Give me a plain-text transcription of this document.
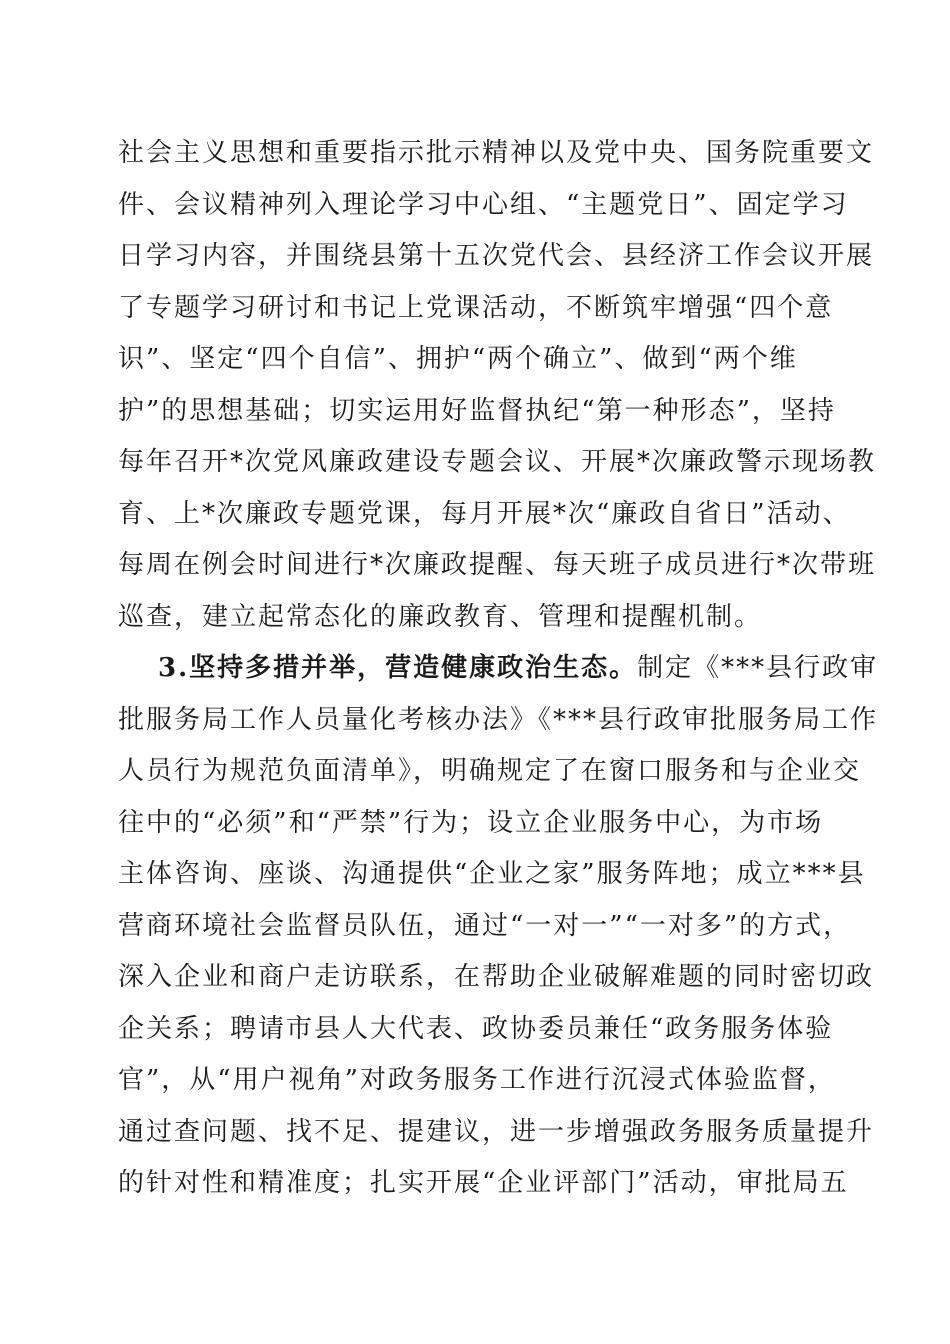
社会主义思想和重要指示批示精神以及党中央、国务院重要文
件、会议精神列入理论学习中心组、“主题党日”、固定学习
日学习内容，并围绕县第十五次党代会、县经济工作会议开展
了专题学习研讨和书记上党课活动，不断筑牢增强“四个意
识”、坚定“四个自信”、拥护“两个确立”、做到“两个维
护”的思想基础；切实运用好监督执纪“第一种形态”，坚持
每年召开*次党风廉政建设专题会议、开展*次廉政警示现场教
育、上*次廉政专题党课，每月开展*次“廉政自省日”活动、
每周在例会时间进行*次廉政提醒、每天班子成员进行*次带班
巡查，建立起常态化的廉政教育、管理和提醒机制。
3.坚持多措并举，营造健康政治生态。制定《***县行政审
批服务局工作人员量化考核办法》《***县行政审批服务局工作
人员行为规范负面清单》，明确规定了在窗口服务和与企业交
往中的“必须”和“严禁”行为；设立企业服务中心，为市场
主体咨询、座谈、沟通提供“企业之家”服务阵地；成立***县
营商环境社会监督员队伍，通过“一对一”“一对多”的方式，
深入企业和商户走访联系，在帮助企业破解难题的同时密切政
企关系；聘请市县人大代表、政协委员兼任“政务服务体验
官”，从“用户视角”对政务服务工作进行沉浸式体验监督，
通过查问题、找不足、提建议，进一步增强政务服务质量提升
的针对性和精准度；扎实开展“企业评部门”活动，审批局五
